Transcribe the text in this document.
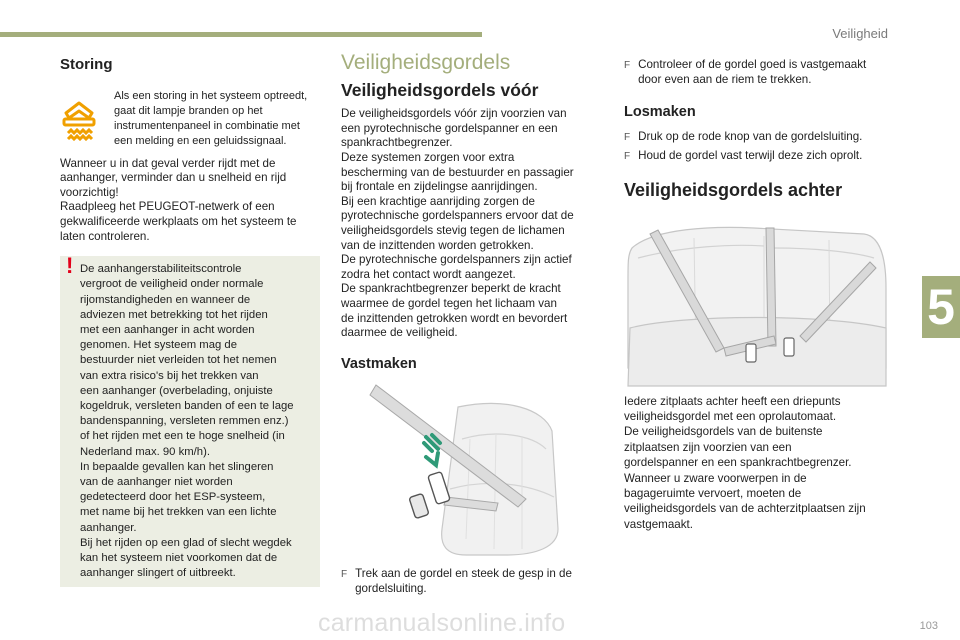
Veiligheid
5
103
carmanualsonline.info
Storing
Als een storing in het systeem optreedt,
gaat dit lampje branden op het
instrumentenpaneel in combinatie met
een melding en een geluidssignaal.
Wanneer u in dat geval verder rijdt met de
aanhanger, verminder dan u snelheid en rijd
voorzichtig!
Raadpleeg het PEUGEOT-netwerk of een
gekwalificeerde werkplaats om het systeem te
laten controleren.
! De aanhangerstabiliteitscontrole
vergroot de veiligheid onder normale
rijomstandigheden en wanneer de
adviezen met betrekking tot het rijden
met een aanhanger in acht worden
genomen. Het systeem mag de
bestuurder niet verleiden tot het nemen
van extra risico's bij het trekken van
een aanhanger (overbelading, onjuiste
kogeldruk, versleten banden of een te lage
bandenspanning, versleten remmen enz.)
of het rijden met een te hoge snelheid (in
Nederland max. 90 km/h).
In bepaalde gevallen kan het slingeren
van de aanhanger niet worden
gedetecteerd door het ESP-systeem,
met name bij het trekken van een lichte
aanhanger.
Bij het rijden op een glad of slecht wegdek
kan het systeem niet voorkomen dat de
aanhanger slingert of uitbreekt.
Veiligheidsgordels
Veiligheidsgordels vóór
De veiligheidsgordels vóór zijn voorzien van
een pyrotechnische gordelspanner en een
spankrachtbegrenzer.
Deze systemen zorgen voor extra
bescherming van de bestuurder en passagier
bij frontale en zijdelingse aanrijdingen.
Bij een krachtige aanrijding zorgen de
pyrotechnische gordelspanners ervoor dat de
veiligheidsgordels stevig tegen de lichamen
van de inzittenden worden getrokken.
De pyrotechnische gordelspanners zijn actief
zodra het contact wordt aangezet.
De spankrachtbegrenzer beperkt de kracht
waarmee de gordel tegen het lichaam van
de inzittenden getrokken wordt en bevordert
daarmee de veiligheid.
Vastmaken
F Trek aan de gordel en steek de gesp in de
gordelsluiting.
F Controleer of de gordel goed is vastgemaakt
door even aan de riem te trekken.
Losmaken
F Druk op de rode knop van de gordelsluiting.
F Houd de gordel vast terwijl deze zich oprolt.
Veiligheidsgordels achter
Iedere zitplaats achter heeft een driepunts
veiligheidsgordel met een oprolautomaat.
De veiligheidsgordels van de buitenste
zitplaatsen zijn voorzien van een
gordelspanner en een spankrachtbegrenzer.
Wanneer u zware voorwerpen in de
bagageruimte vervoert, moeten de
veiligheidsgordels van de achterzitplaatsen zijn
vastgemaakt.
